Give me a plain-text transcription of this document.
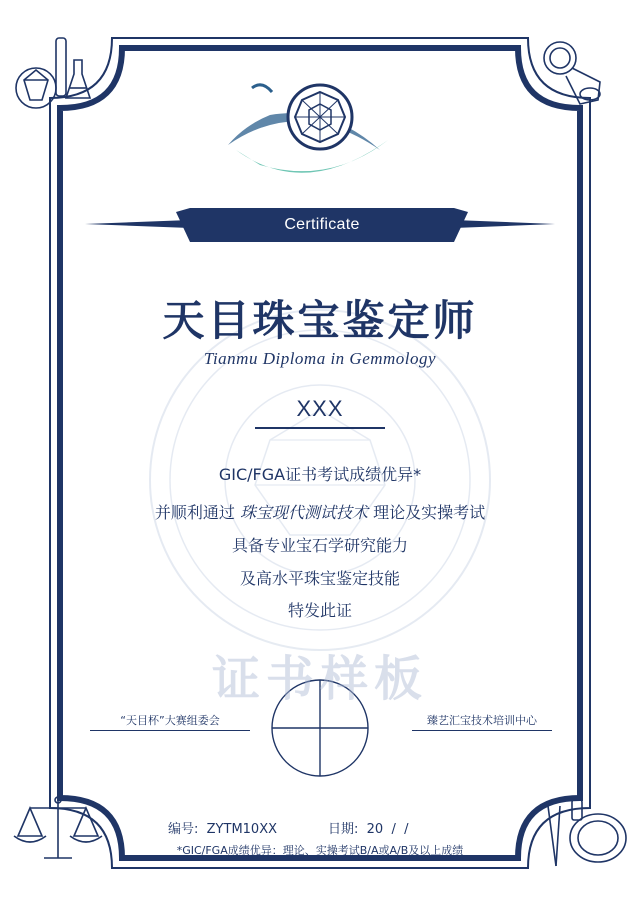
Certificate
天目珠宝鉴定师
Tianmu Diploma in Gemmology
XXX
GIC/FGA证书考试成绩优异*
并顺利通过 珠宝现代测试技术 理论及实操考试
具备专业宝石学研究能力
及高水平珠宝鉴定技能
特发此证
证书样板
“天目杯”大赛组委会	臻艺汇宝技术培训中心
编号: ZYTM10XX	日期: 20  /  /
*GIC/FGA成绩优异：理论、实操考试B/A或A/B及以上成绩
